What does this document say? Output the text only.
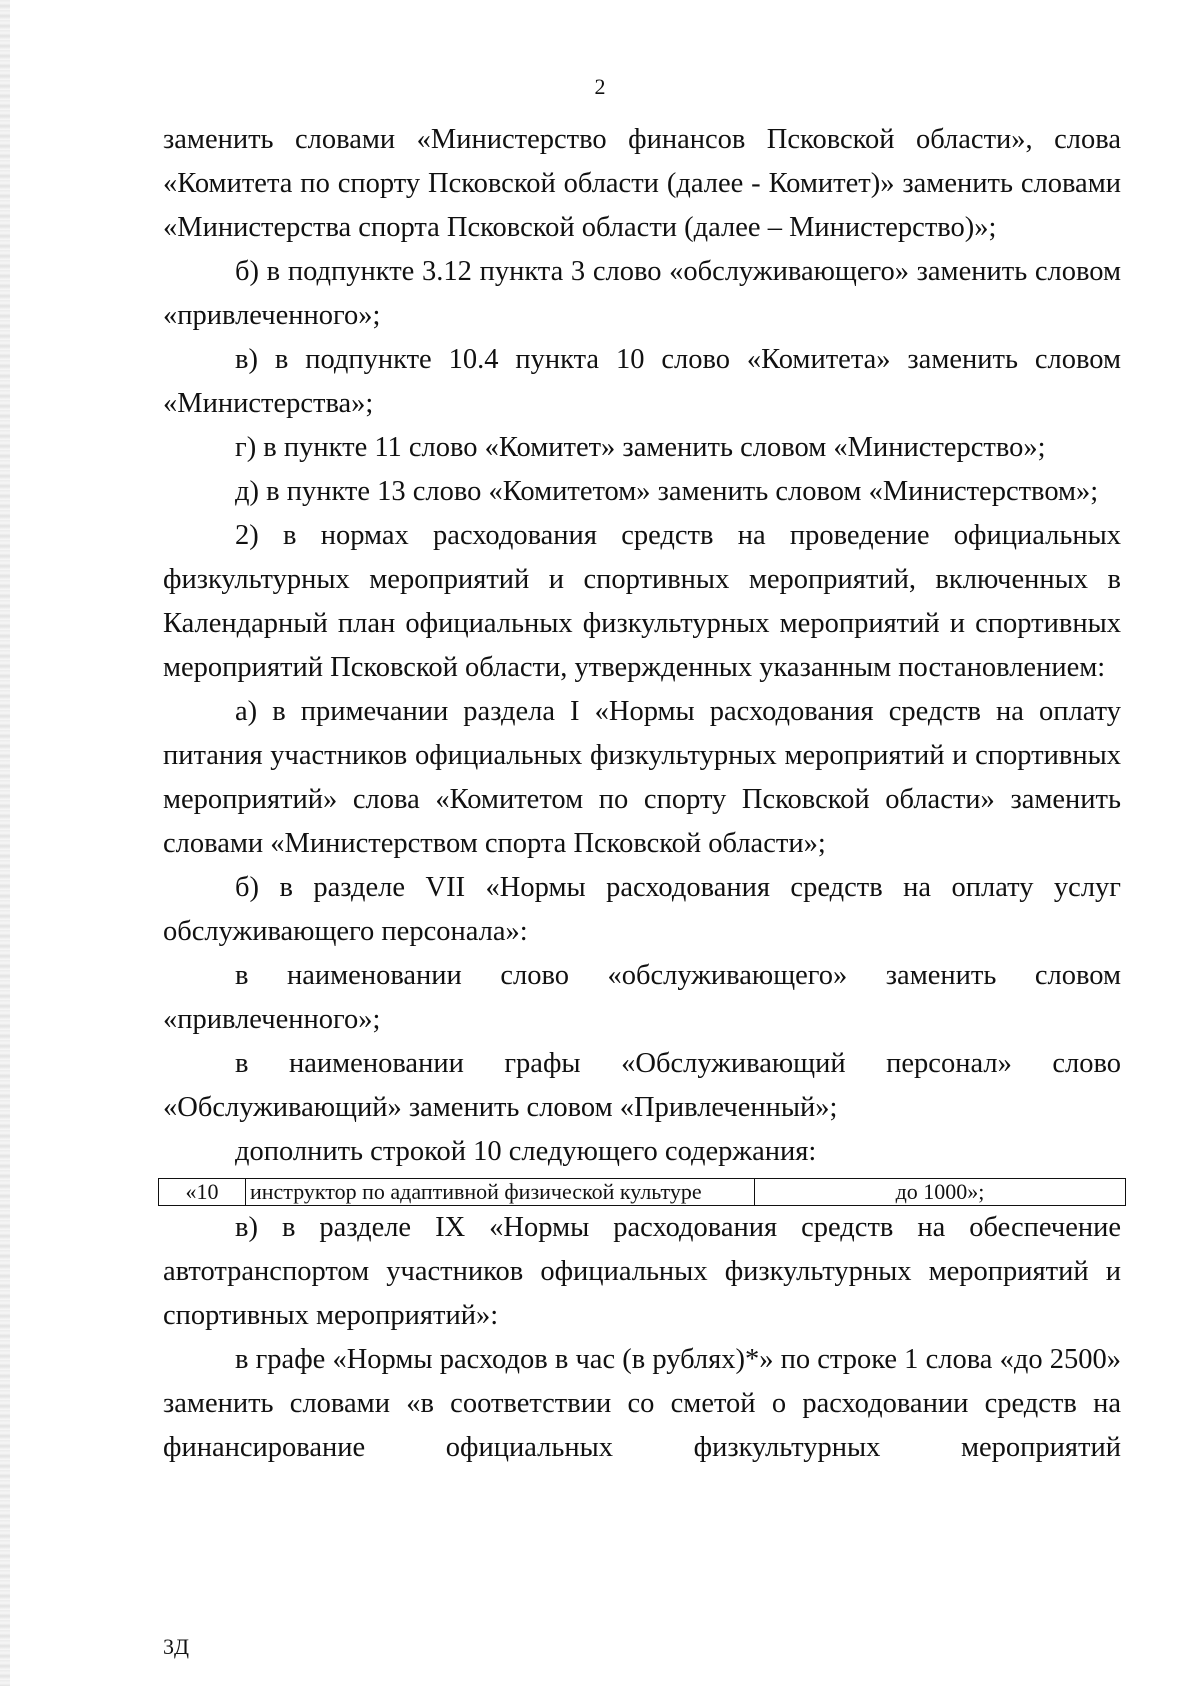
2

заменить словами «Министерство финансов Псковской области», слова «Комитета по спорту Псковской области (далее - Комитет)» заменить словами «Министерства спорта Псковской области (далее – Министерство)»;

б) в подпункте 3.12 пункта 3 слово «обслуживающего» заменить словом «привлеченного»;

в) в подпункте 10.4 пункта 10 слово «Комитета» заменить словом «Министерства»;

г) в пункте 11 слово «Комитет» заменить словом «Министерство»;

д) в пункте 13 слово «Комитетом» заменить словом «Министерством»;

2) в нормах расходования средств на проведение официальных физкультурных мероприятий и спортивных мероприятий, включенных в Календарный план официальных физкультурных мероприятий и спортивных мероприятий Псковской области, утвержденных указанным постановлением:

а) в примечании раздела I «Нормы расходования средств на оплату питания участников официальных физкультурных мероприятий и спортивных мероприятий» слова «Комитетом по спорту Псковской области» заменить словами «Министерством спорта Псковской области»;

б) в разделе VII «Нормы расходования средств на оплату услуг обслуживающего персонала»:

в наименовании слово «обслуживающего» заменить словом «привлеченного»;

в наименовании графы «Обслуживающий персонал» слово «Обслуживающий» заменить словом «Привлеченный»;

дополнить строкой 10 следующего содержания:

«10	инструктор по адаптивной физической культуре	до 1000»;

в) в разделе IX «Нормы расходования средств на обеспечение автотранспортом участников официальных физкультурных мероприятий и спортивных мероприятий»:

в графе «Нормы расходов в час (в рублях)*» по строке 1 слова «до 2500» заменить словами «в соответствии со сметой о расходовании средств на финансирование официальных физкультурных мероприятий

3Д
